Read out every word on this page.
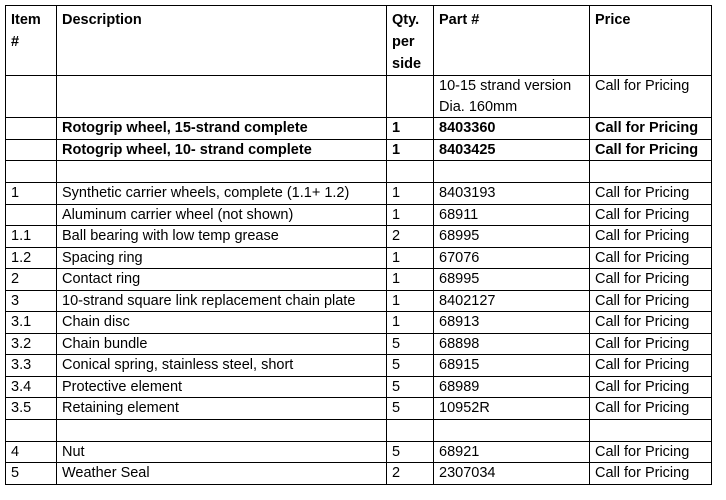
Item #	Description	Qty. per side	Part #	Price
			10-15 strand version Dia. 160mm	Call for Pricing
	Rotogrip wheel, 15-strand complete	1	8403360	Call for Pricing
	Rotogrip wheel, 10- strand complete	1	8403425	Call for Pricing

1	Synthetic carrier wheels, complete (1.1+ 1.2)	1	8403193	Call for Pricing
	Aluminum carrier wheel (not shown)	1	68911	Call for Pricing
1.1	Ball bearing with low temp grease	2	68995	Call for Pricing
1.2	Spacing ring	1	67076	Call for Pricing
2	Contact ring	1	68995	Call for Pricing
3	10-strand square link replacement chain plate	1	8402127	Call for Pricing
3.1	Chain disc	1	68913	Call for Pricing
3.2	Chain bundle	5	68898	Call for Pricing
3.3	Conical spring, stainless steel, short	5	68915	Call for Pricing
3.4	Protective element	5	68989	Call for Pricing
3.5	Retaining element	5	10952R	Call for Pricing

4	Nut	5	68921	Call for Pricing
5	Weather Seal	2	2307034	Call for Pricing
